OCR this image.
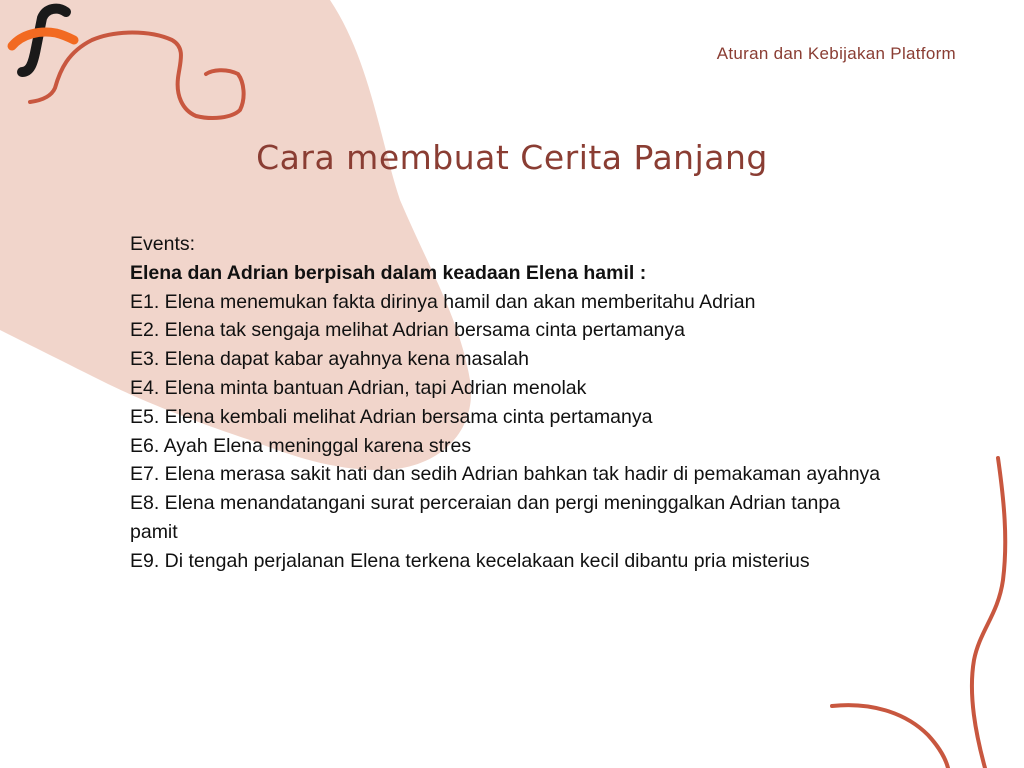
Aturan dan Kebijakan Platform
Cara membuat Cerita Panjang

Events:

Elena dan Adrian berpisah dalam keadaan Elena hamil :

E1. Elena menemukan fakta dirinya hamil dan akan memberitahu Adrian

E2. Elena tak sengaja melihat Adrian bersama cinta pertamanya

E3. Elena dapat kabar ayahnya kena masalah

E4. Elena minta bantuan Adrian, tapi Adrian menolak

E5. Elena kembali melihat Adrian bersama cinta pertamanya

E6. Ayah Elena meninggal karena stres

E7. Elena merasa sakit hati dan sedih Adrian bahkan tak hadir di pemakaman ayahnya

E8. Elena menandatangani surat perceraian dan pergi meninggalkan Adrian tanpa pamit

E9. Di tengah perjalanan Elena terkena kecelakaan kecil dibantu pria misterius
